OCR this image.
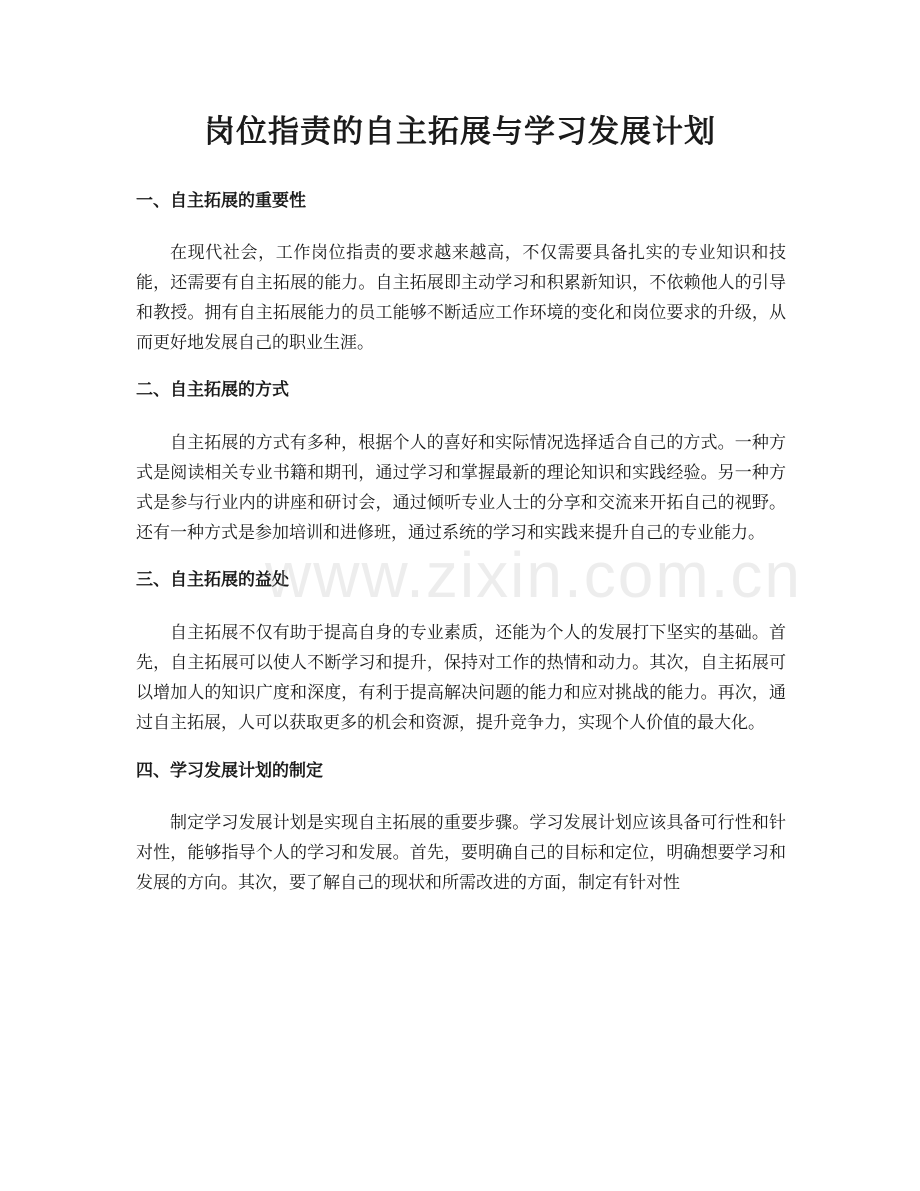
岗位指责的自主拓展与学习发展计划
一、自主拓展的重要性

在现代社会，工作岗位指责的要求越来越高，不仅需要具备扎实的专业知识和技能，还需要有自主拓展的能力。自主拓展即主动学习和积累新知识，不依赖他人的引导和教授。拥有自主拓展能力的员工能够不断适应工作环境的变化和岗位要求的升级，从而更好地发展自己的职业生涯。

二、自主拓展的方式

自主拓展的方式有多种，根据个人的喜好和实际情况选择适合自己的方式。一种方式是阅读相关专业书籍和期刊，通过学习和掌握最新的理论知识和实践经验。另一种方式是参与行业内的讲座和研讨会，通过倾听专业人士的分享和交流来开拓自己的视野。还有一种方式是参加培训和进修班，通过系统的学习和实践来提升自己的专业能力。

三、自主拓展的益处

自主拓展不仅有助于提高自身的专业素质，还能为个人的发展打下坚实的基础。首先，自主拓展可以使人不断学习和提升，保持对工作的热情和动力。其次，自主拓展可以增加人的知识广度和深度，有利于提高解决问题的能力和应对挑战的能力。再次，通过自主拓展，人可以获取更多的机会和资源，提升竞争力，实现个人价值的最大化。

四、学习发展计划的制定

制定学习发展计划是实现自主拓展的重要步骤。学习发展计划应该具备可行性和针对性，能够指导个人的学习和发展。首先，要明确自己的目标和定位，明确想要学习和发展的方向。其次，要了解自己的现状和所需改进的方面，制定有针对性

www.zixin.com.cn
